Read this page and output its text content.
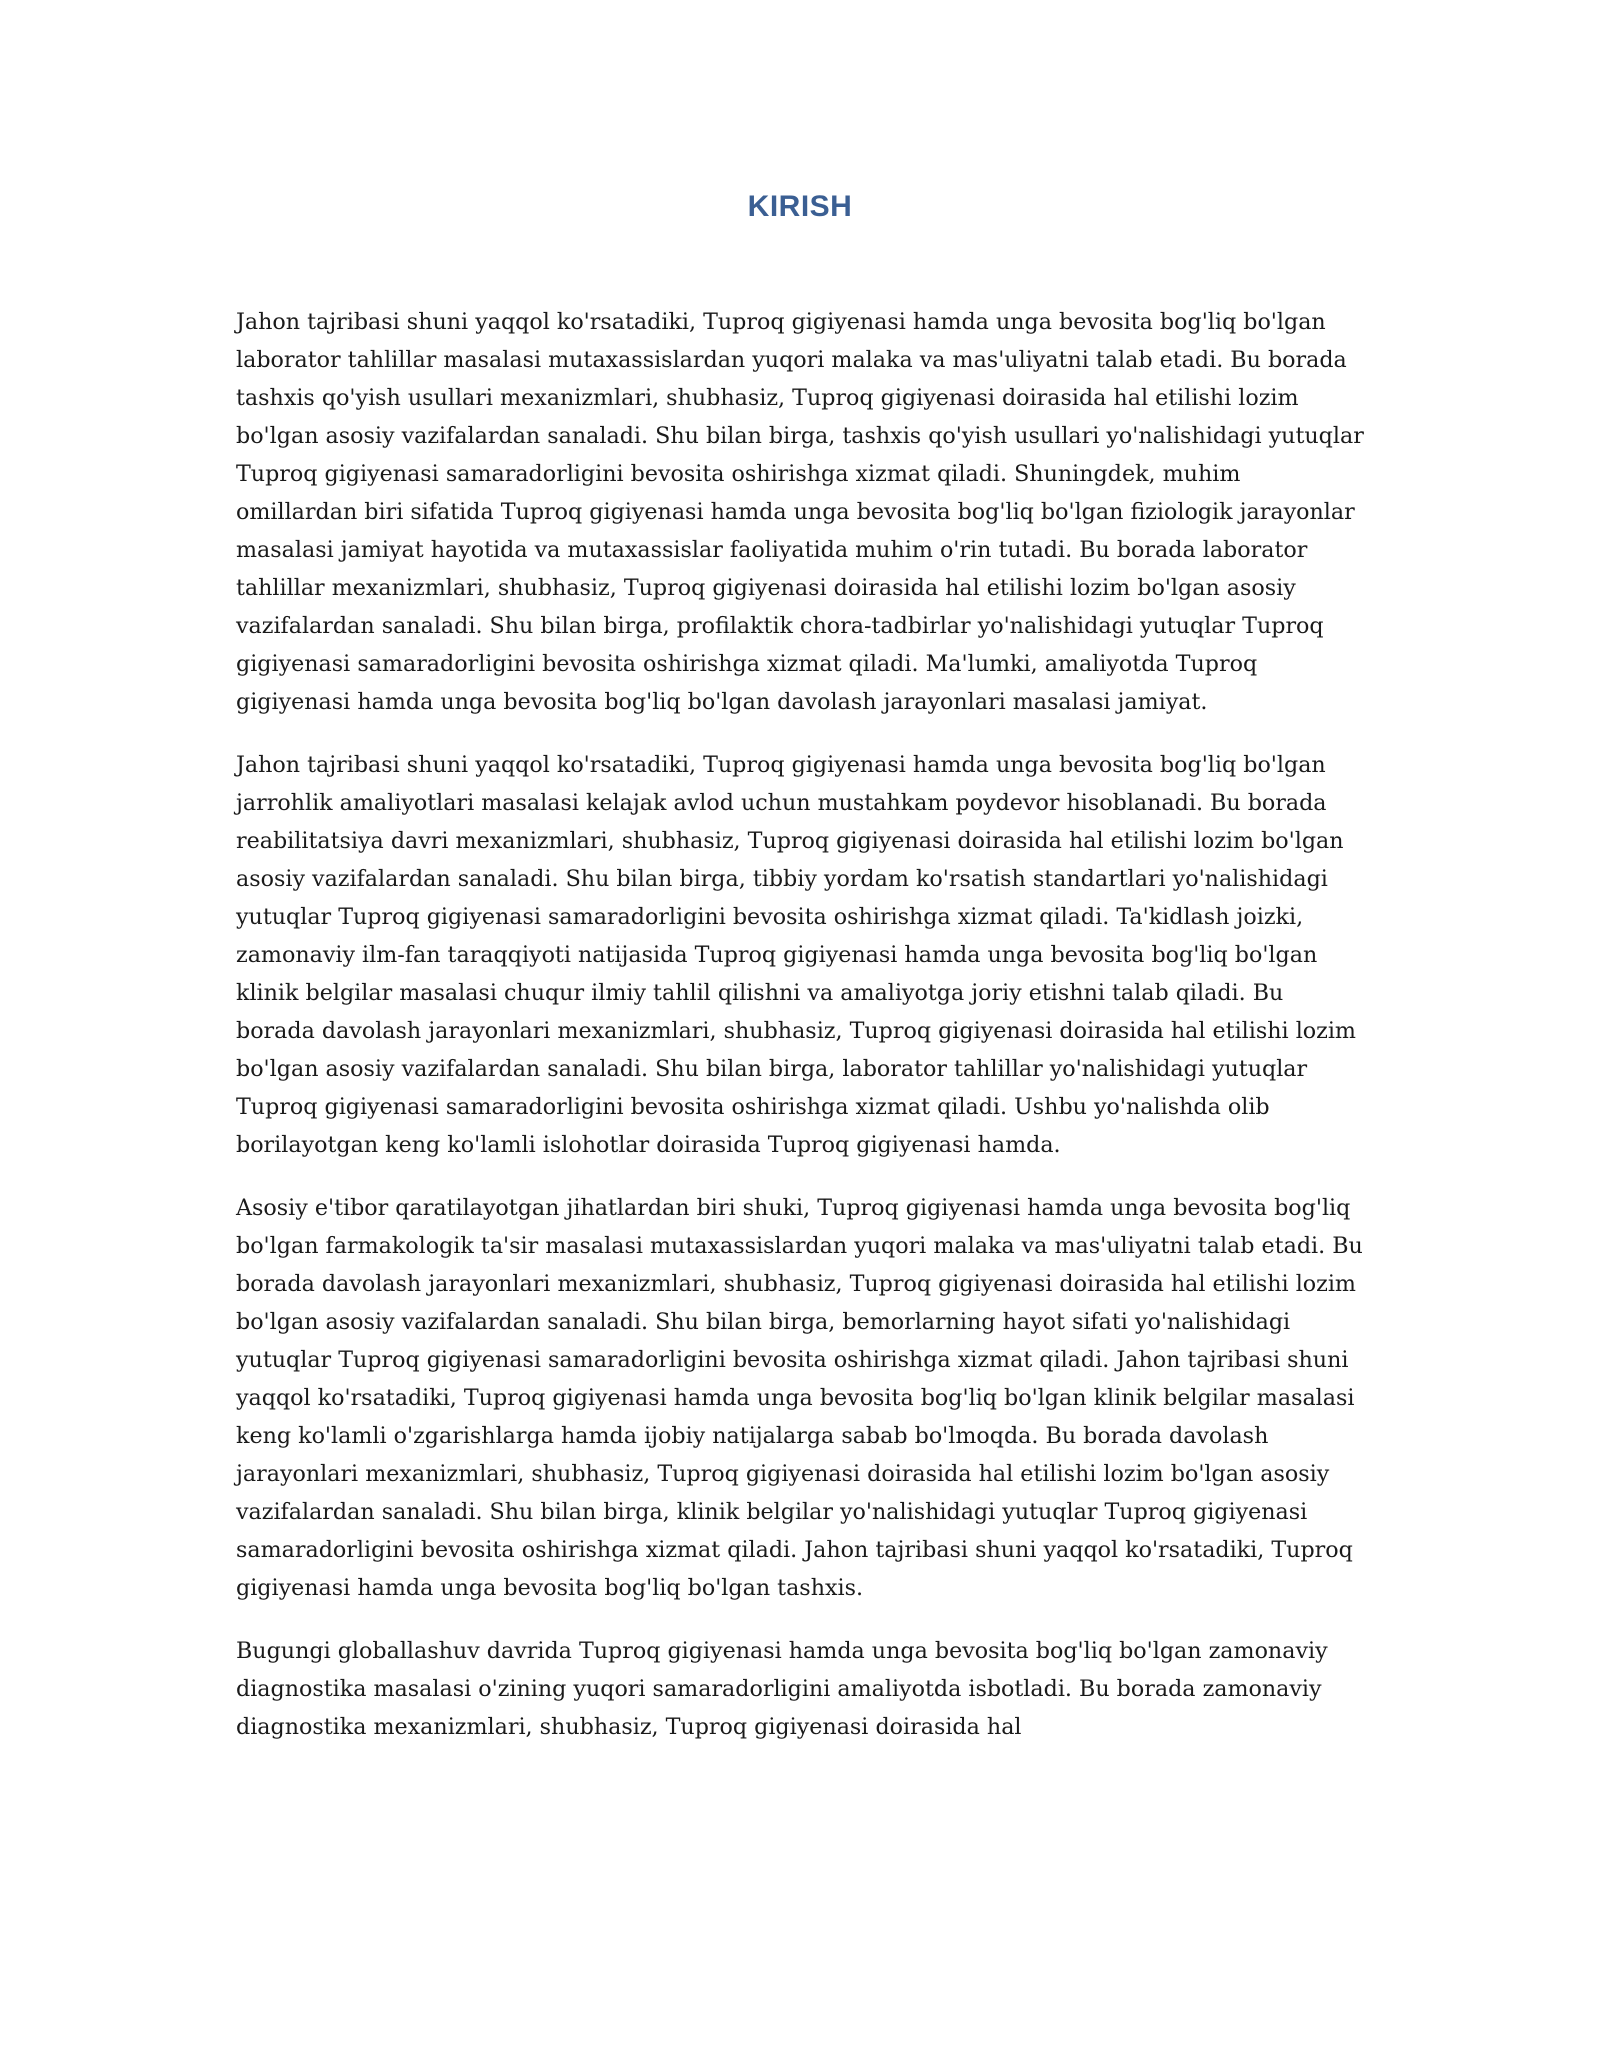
KIRISH

Jahon tajribasi shuni yaqqol ko'rsatadiki, Tuproq gigiyenasi hamda unga bevosita bog'liq bo'lgan laborator tahlillar masalasi mutaxassislardan yuqori malaka va mas'uliyatni talab etadi. Bu borada tashxis qo'yish usullari mexanizmlari, shubhasiz, Tuproq gigiyenasi doirasida hal etilishi lozim bo'lgan asosiy vazifalardan sanaladi. Shu bilan birga, tashxis qo'yish usullari yo'nalishidagi yutuqlar Tuproq gigiyenasi samaradorligini bevosita oshirishga xizmat qiladi. Shuningdek, muhim omillardan biri sifatida Tuproq gigiyenasi hamda unga bevosita bog'liq bo'lgan fiziologik jarayonlar masalasi jamiyat hayotida va mutaxassislar faoliyatida muhim o'rin tutadi. Bu borada laborator tahlillar mexanizmlari, shubhasiz, Tuproq gigiyenasi doirasida hal etilishi lozim bo'lgan asosiy vazifalardan sanaladi. Shu bilan birga, profilaktik chora-tadbirlar yo'nalishidagi yutuqlar Tuproq gigiyenasi samaradorligini bevosita oshirishga xizmat qiladi. Ma'lumki, amaliyotda Tuproq gigiyenasi hamda unga bevosita bog'liq bo'lgan davolash jarayonlari masalasi jamiyat.

Jahon tajribasi shuni yaqqol ko'rsatadiki, Tuproq gigiyenasi hamda unga bevosita bog'liq bo'lgan jarrohlik amaliyotlari masalasi kelajak avlod uchun mustahkam poydevor hisoblanadi. Bu borada reabilitatsiya davri mexanizmlari, shubhasiz, Tuproq gigiyenasi doirasida hal etilishi lozim bo'lgan asosiy vazifalardan sanaladi. Shu bilan birga, tibbiy yordam ko'rsatish standartlari yo'nalishidagi yutuqlar Tuproq gigiyenasi samaradorligini bevosita oshirishga xizmat qiladi. Ta'kidlash joizki, zamonaviy ilm-fan taraqqiyoti natijasida Tuproq gigiyenasi hamda unga bevosita bog'liq bo'lgan klinik belgilar masalasi chuqur ilmiy tahlil qilishni va amaliyotga joriy etishni talab qiladi. Bu borada davolash jarayonlari mexanizmlari, shubhasiz, Tuproq gigiyenasi doirasida hal etilishi lozim bo'lgan asosiy vazifalardan sanaladi. Shu bilan birga, laborator tahlillar yo'nalishidagi yutuqlar Tuproq gigiyenasi samaradorligini bevosita oshirishga xizmat qiladi. Ushbu yo'nalishda olib borilayotgan keng ko'lamli islohotlar doirasida Tuproq gigiyenasi hamda.

Asosiy e'tibor qaratilayotgan jihatlardan biri shuki, Tuproq gigiyenasi hamda unga bevosita bog'liq bo'lgan farmakologik ta'sir masalasi mutaxassislardan yuqori malaka va mas'uliyatni talab etadi. Bu borada davolash jarayonlari mexanizmlari, shubhasiz, Tuproq gigiyenasi doirasida hal etilishi lozim bo'lgan asosiy vazifalardan sanaladi. Shu bilan birga, bemorlarning hayot sifati yo'nalishidagi yutuqlar Tuproq gigiyenasi samaradorligini bevosita oshirishga xizmat qiladi. Jahon tajribasi shuni yaqqol ko'rsatadiki, Tuproq gigiyenasi hamda unga bevosita bog'liq bo'lgan klinik belgilar masalasi keng ko'lamli o'zgarishlarga hamda ijobiy natijalarga sabab bo'lmoqda. Bu borada davolash jarayonlari mexanizmlari, shubhasiz, Tuproq gigiyenasi doirasida hal etilishi lozim bo'lgan asosiy vazifalardan sanaladi. Shu bilan birga, klinik belgilar yo'nalishidagi yutuqlar Tuproq gigiyenasi samaradorligini bevosita oshirishga xizmat qiladi. Jahon tajribasi shuni yaqqol ko'rsatadiki, Tuproq gigiyenasi hamda unga bevosita bog'liq bo'lgan tashxis.

Bugungi globallashuv davrida Tuproq gigiyenasi hamda unga bevosita bog'liq bo'lgan zamonaviy diagnostika masalasi o'zining yuqori samaradorligini amaliyotda isbotladi. Bu borada zamonaviy diagnostika mexanizmlari, shubhasiz, Tuproq gigiyenasi doirasida hal
